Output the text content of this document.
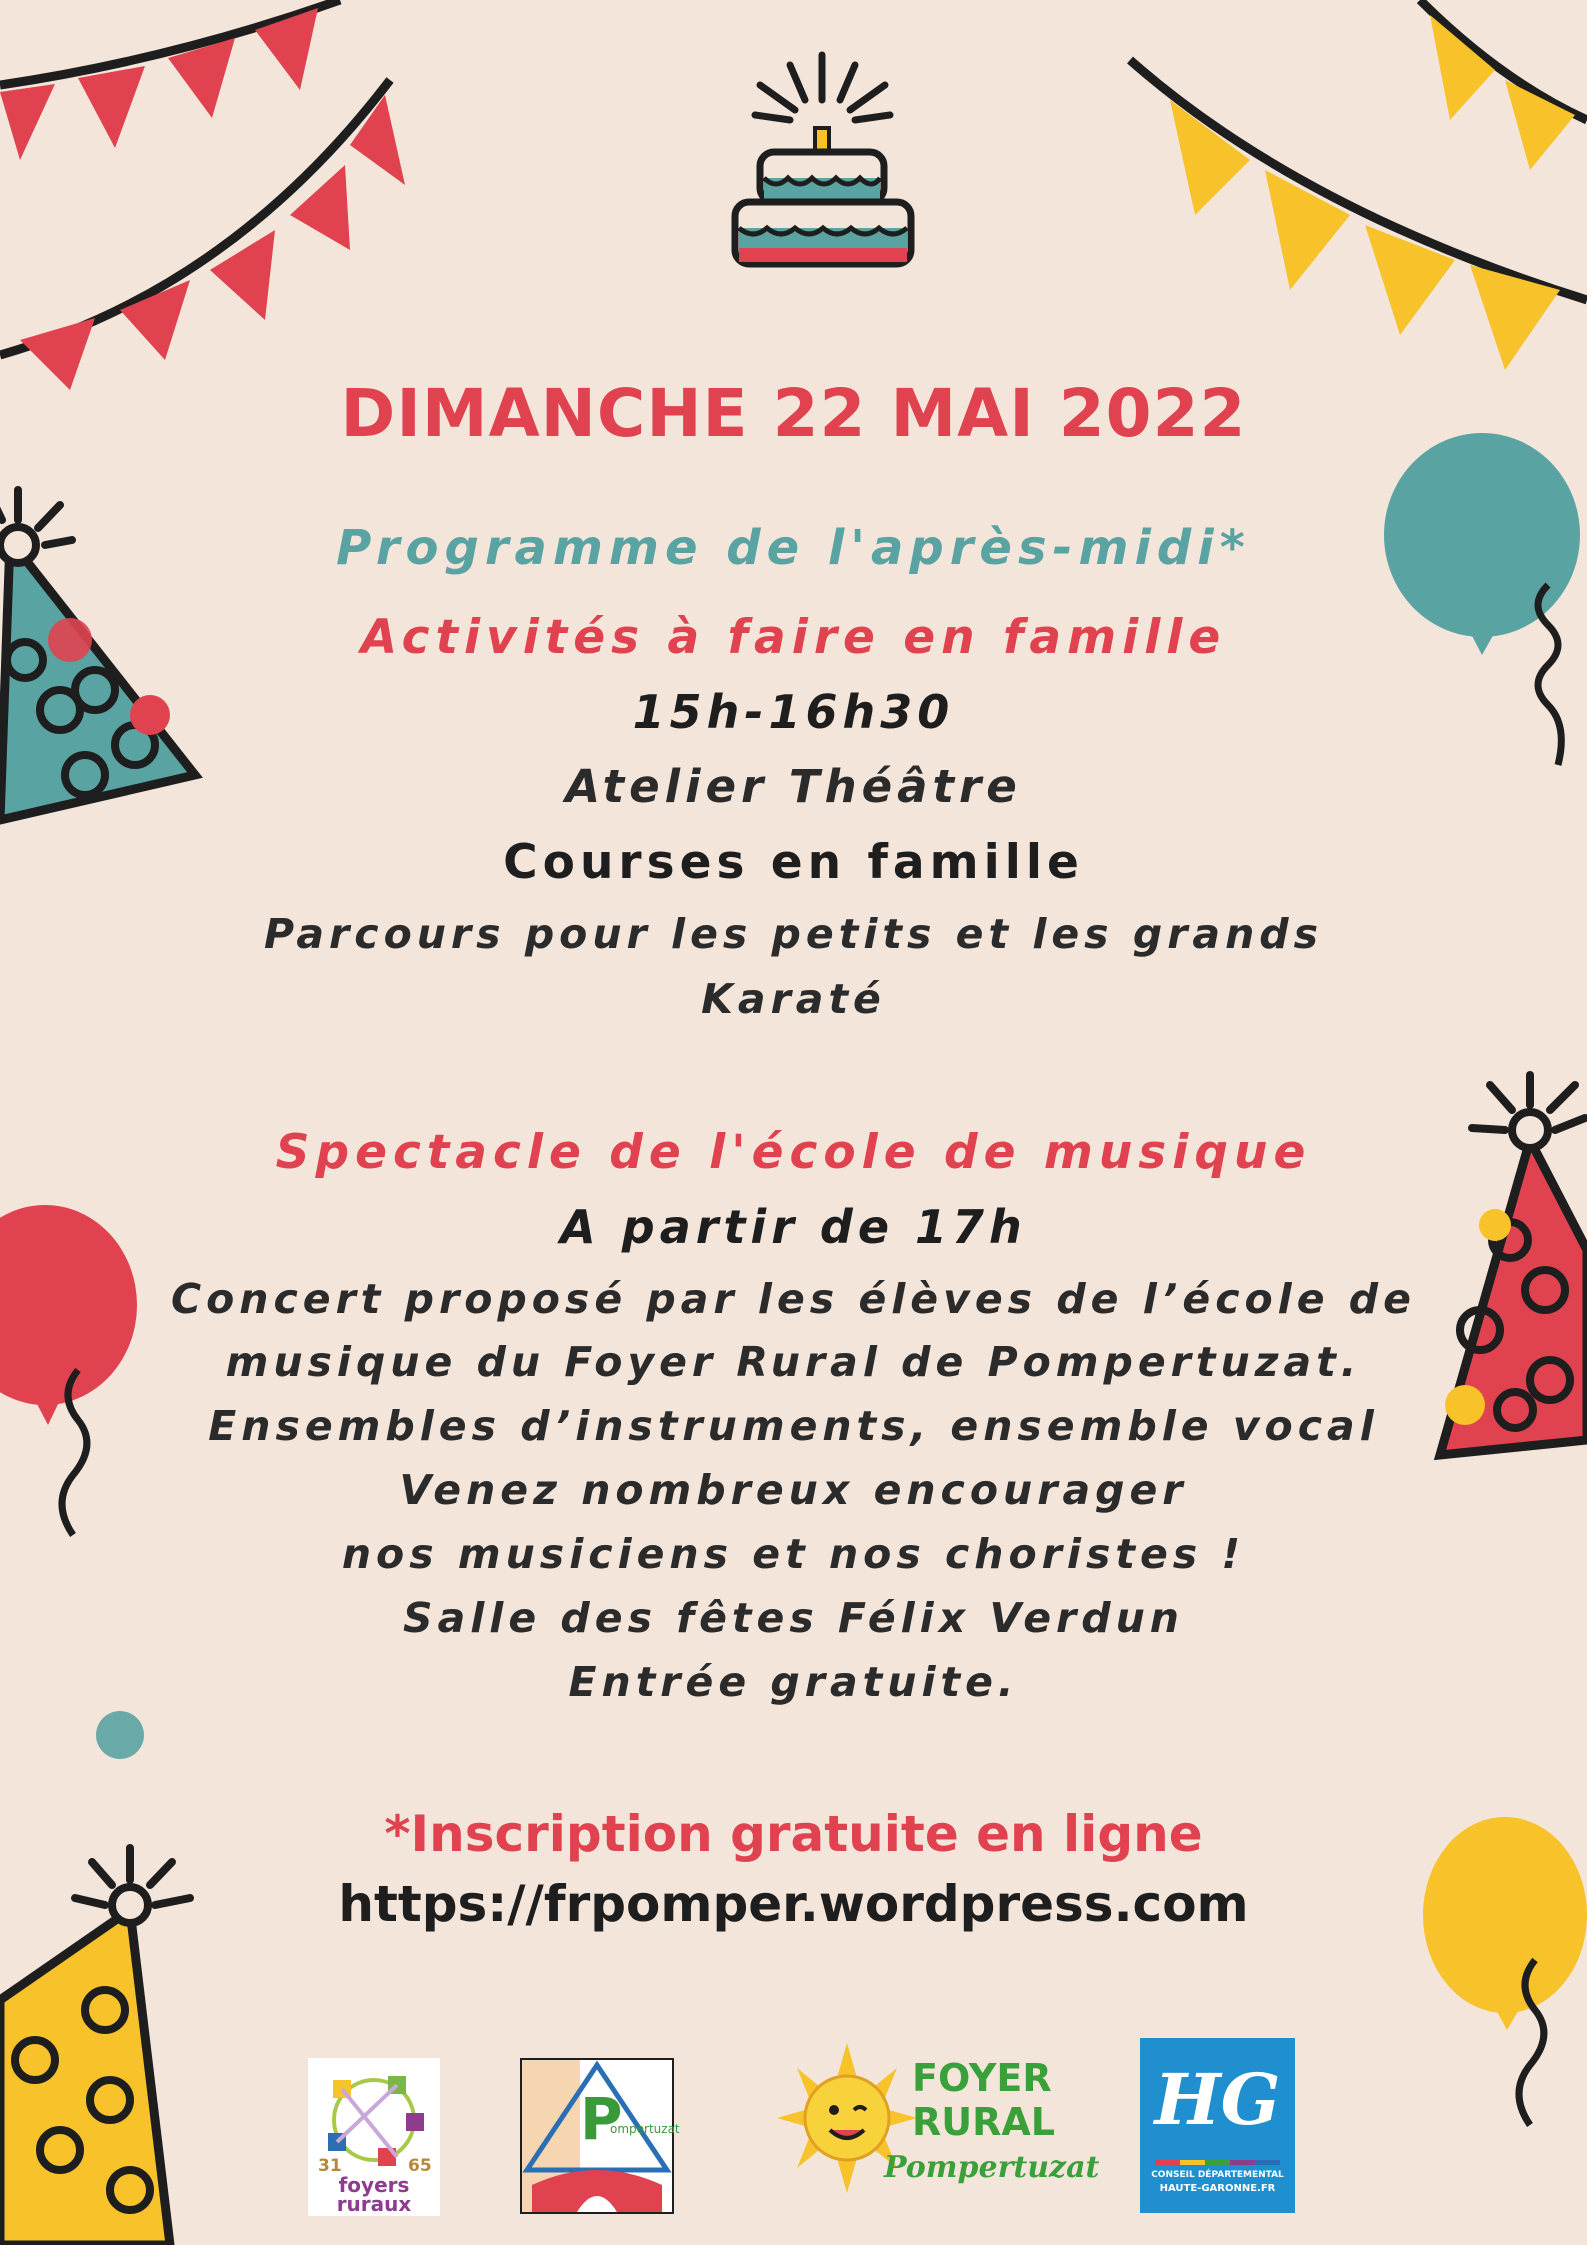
DIMANCHE 22 MAI 2022
Programme de l'après-midi*
Activités à faire en famille
15h-16h30
Atelier Théâtre
Courses en famille
Parcours pour les petits et les grands
Karaté
Spectacle de l'école de musique
A partir de 17h
Concert proposé par les élèves de l’école de
musique du Foyer Rural de Pompertuzat.
Ensembles d’instruments, ensemble vocal
Venez nombreux encourager
nos musiciens et nos choristes !
Salle des fêtes Félix Verdun
Entrée gratuite.
*Inscription gratuite en ligne
https://frpomper.wordpress.com
31	65
foyers
ruraux
P
ompertuzat
FOYER
RURAL
Pompertuzat
HG
CONSEIL DÉPARTEMENTAL
HAUTE-GARONNE.FR
